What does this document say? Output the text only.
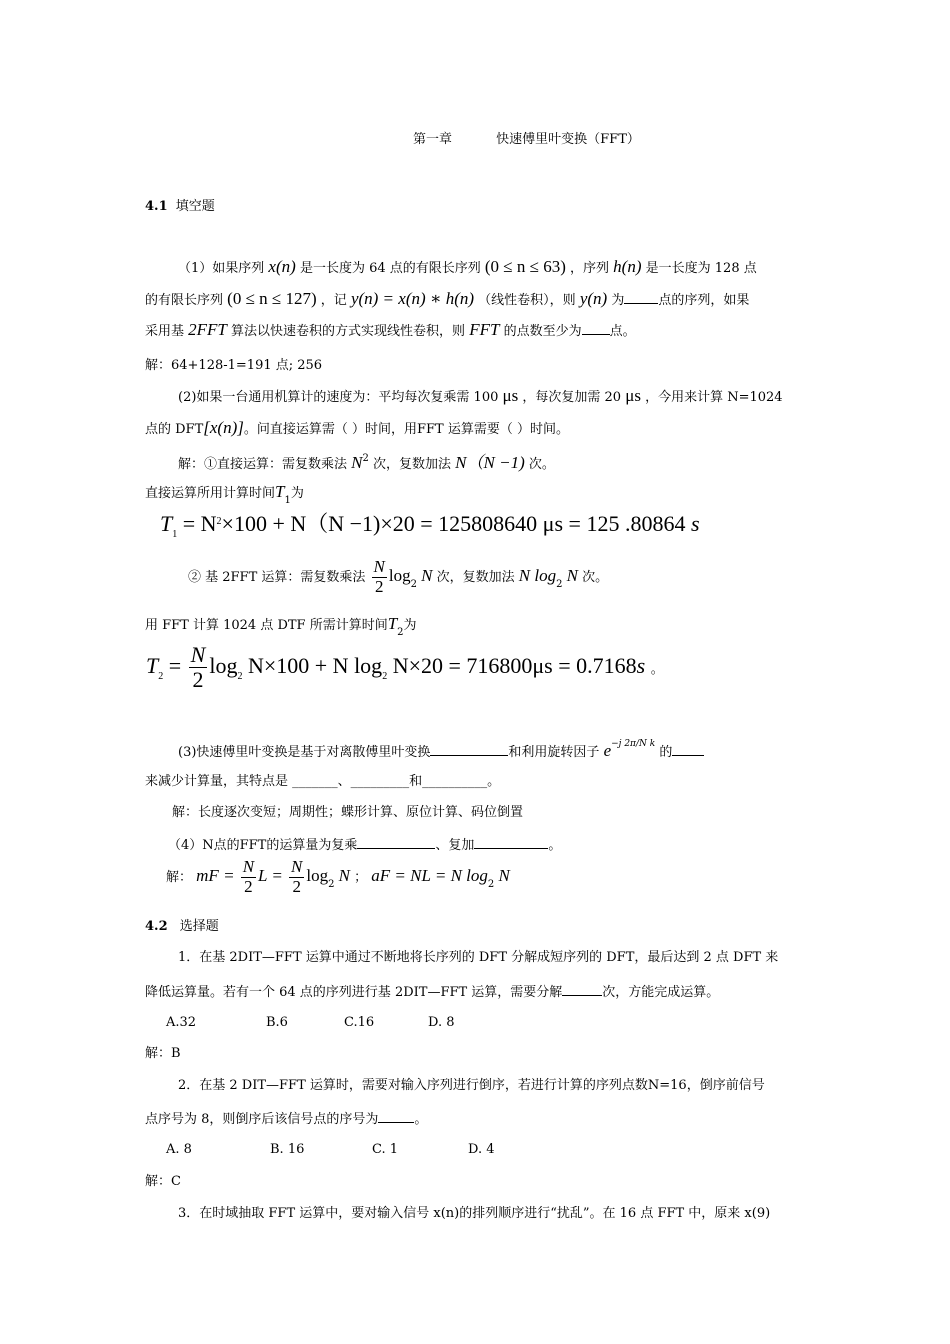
第一章	快速傅里叶变换（FFT）
4.1 填空题
（1）如果序列 x(n) 是一长度为 64 点的有限长序列 (0 ≤ n ≤ 63) ，序列 h(n) 是一长度为 128 点
的有限长序列 (0 ≤ n ≤ 127) ，记 y(n) = x(n) ∗ h(n) （线性卷积），则 y(n) 为	点的序列，如果
采用基 2FFT 算法以快速卷积的方式实现线性卷积，则 FFT 的点数至少为 点。
解：64+128-1=191 点; 256
(2)如果一台通用机算计的速度为：平均每次复乘需 100 μs ，每次复加需 20 μs ，今用来计算 N=1024
点的 DFT[x(n)]。问直接运算需（ ）时间，用FFT 运算需要（ ）时间。
解：①直接运算：需复数乘法 $N^2$ 次，复数加法 N（N −1) 次。
直接运算所用计算时间$T_1$为
$T_1 = N^2\times 100 + N(N -1)\times 20 = 125808640$ μs = 125 .80864 s
② 基 2FFT 运算：需复数乘法 $\frac{N}{2} \log_2 N$ 次，复数加法 N $\log_2 N$ 次。
用 FFT 计算 1024 点 DTF 所需计算时间$T_2$为
$T_2 = \frac{N}{2} \log_2 N\times 100 + N$ $\log_2 N\times 20 = 716800\mu s = 0.7168s$ 。
(3)快速傅里叶变换是基于对离散傅里叶变换	和利用旋转因子 $e^{-j 2\pi/N k}$ 的
来减少计算量，其特点是 _______、_________和__________。
解：长度逐次变短；周期性；蝶形计算、原位计算、码位倒置
（4）N点的FFT的运算量为复乘	、复加	。
解： mF = $\frac{N}{2}$ $L = \frac{N}{2} \log_2 N$ ； aF = NL = N $\log_2 N$
4.2 选择题
1．在基 2DIT—FFT 运算中通过不断地将长序列的 DFT 分解成短序列的 DFT，最后达到 2 点 DFT 来
降低运算量。若有一个 64 点的序列进行基 2DIT—FFT 运算，需要分解	次，方能完成运算。
A.32	B.6	C.16	D. 8
解：B
2．在基 2 DIT—FFT 运算时，需要对输入序列进行倒序，若进行计算的序列点数N=16，倒序前信号
点序号为 8，则倒序后该信号点的序号为	。
A. 8	B. 16	C. 1	D. 4
解：C
3．在时域抽取 FFT 运算中，要对输入信号 x(n)的排列顺序进行“扰乱”。在 16 点 FFT 中，原来 x(9)
